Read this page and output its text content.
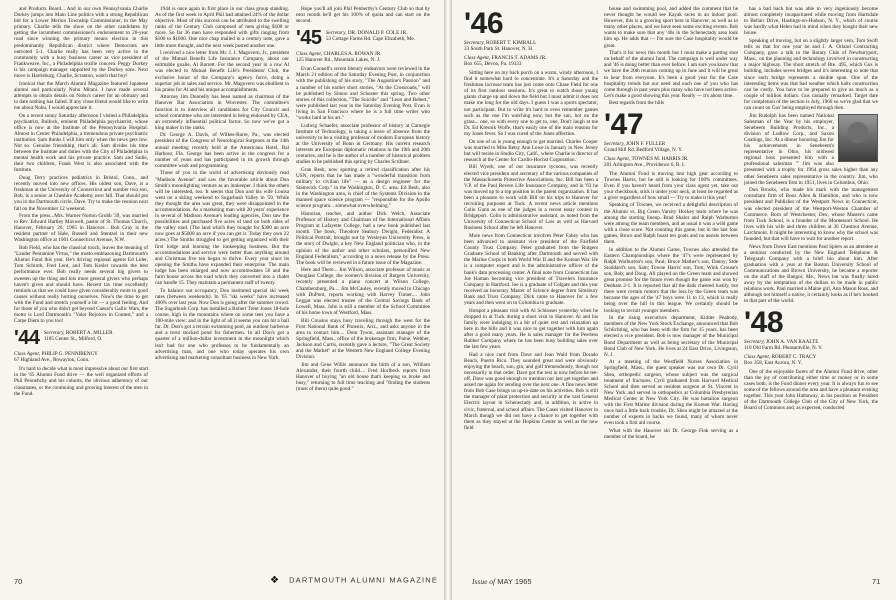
and Products Board... And in our own Pennsylvania Charlie Dorkey jumps into Main Line politics with a strong Republican bid for a Lower Merion Township Commissioner, in the May primary. Charlie tells the show on the other candidates by getting the incumbent commissioner's endorsement to 20-year road since winning the primary means election in this predominantly Republican district where Democrats are outvoted 5-1. Charlie really has been very active in the community with a busy business career as vice president of Frankweave, Inc., a Philadelphia textile concern. Peggy Dorkey is his campaign manager supported by the Dorkey sons. Next move is Harrisburg, Charlie, Scranton, watch that boy!

Ironical that the March Alumni Magazine featured Japanese alumni and particularly Nobu Mitani. I have made several attempts to obtain details on Nobu's career for an obituary and to date nothing has failed. If any close friend would like to write me about Nobu, I would appreciate it.

On a recent sunny Saturday afternoon I visited a Philadelphia psychiatrist, Bullock, eminent Philadelphia psychiatrist, whose office is now at the Institute of the Pennsylvania Hospital. Almost in Center Philadelphia, a tremendous private psychiatric institution. Sam thinks I will him only when the news gets low. Not so. Genuine friendship, that's all. Sam divides his time between the Institute and duties with the City of Philadelphia in mental health work and his private practice. Sam and Sadie, their two children, Frank West is also associated with the Institute.

Doug Terry practices pediatrics in Bristol, Conn., and recently moved into new offices. His oldest son, Dave, is a freshman at the University of Connecticut and number two son, Bob, is a senior at Cheshire Academy next fall. That should put you in the Dartmouth circle, Dave. Try to make the reunion next fall on the November 12 weekend.

From the press...Mrs. Warner Norton Grubb '39, was married to Rev. Edward Hartley Maxwell, pastor of St. Thomas Church, Hanover, February 20, 1965 in Hanover... Bob Gray is the resident partner of Hale, Russell and Stentzel in their new Washington office at 1001 Connecticut Avenue, N.W.

Bob Field, who has the classical touch, leaves the meaning of "Lauder Pentamine Virtus," the motto emblazoning Dartmouth's Alumni Fund this year. He's driving regional agents Ed Lider, Tom Schroth, Fred Lent, and Tom Kesler towards the best performance ever. Bob really needs several big givers to sweeten up the thing and lots more general givers who perhaps haven't given and should have. Recent tax time excellently reminds us that we could have given considerably more to good causes without really hurting ourselves. Now's the time to get with the Fund and stretch yourself a bit — a good feeling. And for those of you who didn't get beyond Caesar's Gallic Wars, the motto is Lord Dartmouth's "Valor Rejoices in Contest," and a Carpe Diem to you too!

'44 Secretary, ROBERT A. MILLER
1105 Center St., Milford, O.
Class Agent, PHILIP G. PENNIBENCY
67 Highland Ave., Rowayton, Conn.

It's hard to decide what is most impressive about our first start in the '65 Alumni Fund drive — the well organized efforts of Phil Pennebchy and his cohorts, the obvious adherency of our classmates, or the continuing and growing interest of the men in the Fund.

1944 is once again in first place in our class group standing. As of the first week in April Phil had attained 24% of the dollar objective. Most of this success can be attributed to the swelling ranks of the Century Club composed of men giving $100 or more. So far 36 men have responded with gifts ranging from $100 to $1000. One nice chap mailed in a century note, gave a little more thought, and the next week posted another one.

I received a nice letter from Mr. J. J. Magovern, Jr., president of the Mutual Benefit Life Insurance Company, about our estimable goalie, Al Barrett. For the second year in a row Al was elected to Mutual Benefit Life's Presidents' Club, the exclusive honor of the Company's agency force, doing a superior job in sales and service. Mr. Magovern was ebullient in his praise for Al and his unique accomplishments.

Attorney Jim Donnelly has been named as chairman of the Hanover Bar Association in Worcester. The committee's function is to interview all candidates for City Council and school committee who are interested in being endorsed by CEA, an extremely influential political factor. So now we've got a king maker in the ranks.

Dr. George A. Davis, of Wilkes-Barre, Pa., was elected president of the Congress of Neurological Surgeons at the 14th annual meeting recently held at the Americana Hotel, Bal Harbour, Fla. George has been active in the congress for a number of years and has participated in its growth through committee work and programming.

Those of you in the world of advertising obviously read "Madison Avenue" and saw the favorable article about Don Smith's moonlighting venture as an innkeeper. I think the others will be interested, too. It seems that Don and his wife Louisa went on a skiing weekend to Sugarbush Valley in '59. While they thought the area was great, they were disappointed in the accommodations. As a marketing man with 20 years' experience in several of Madison Avenue's leading agencies, Don saw the possibilities and purchased five acres of land on both sides of the valley road. (The land which they bought for $300 an acre now goes at $5000 an acre if you can get it. Today they own 22 acres.) The Smiths struggled to get getting organized with their first lodge and learning the innkeeping business. But the accommodations and service were better than anything around and Christmas five ten began to thrive. Every year since its opening the Smiths have expanded their enterprise. The main lodge has been enlarged and now accommodates 56 and the farm house across the road which they converted into a chalet can handle 15. They maintain a permanent staff of twenty.

To balance out occupancy, Don instituted special ski week rates (between weekends). In '65 "ski weeks" have increased 400% over last year. Now Don is going after the summer crowd. The Sugarbush Corp. has installed a Robert Trent Jones 18-hole course, high in the mountains where on some tees you have a 100-mile view; and in the light of all it seems you can hit a ball far. Dr. Don's got a terrain swimming pool, an outdoor barbecue and a trout stocked pond for fishermen. In all Don's got a quarter of a million-dollar investment in the moonlight which isn't bad for one who professes to be fundamentally an advertising man, and one who today operates his own advertising and marketing consultant business in New York.

Hope you'll all join Phil Penberthy's Century Club so that by next month he'll get his 100% of quota and can start on the second.

'45 Secretary, DR. DONALD P. COLE JR.
53 Cottage Farms Rd. Cape Elizabeth, Me.
Class Agent, CHARLES A. ROWAN JR.
125 Hanover Rd., Mountain Lakes, N. J.

Evan Connell's recent literary endeavors were reviewed in the March 21 edition of the Saturday Evening Post, in conjunction with the publishing of his story, "The Augustine's Passion" and a number of his earlier short stories, "At the Crossroads," will be published by Simon and Schuster this spring. Two other stories of this collection, "The Suicide" and "Leon and Bebert," were published last year in the Saturday Evening Post. Evan is living in San Francisco where he is a full time writer who "works hard at his art."

Ludwig Schaefer, associate professor of history at Carnegie Institute of Technology, is taking a leave of absence from the university to be a visiting professor of modern European history at the University of Bonn in Germany. His current research interests are European diplomatic relations in the 19th and 20th centuries, and he is the author of a number of historical problem studies to be published this spring by Charles Scribner.

Gran Besh, now sporting a retired classification after his USN, reports that he has made a "wonderful transition from military to civilian life" — as a design engineer for the Stamwick Corp." in the Washington, D. C. area. Ed Besh, also in the Washington area, is chief of the Systems Division in the manned space science program — "responsible for the Apollo science program... somewhat overwhelming."

Historian, teacher, and author Dick Welch, Associate Professor of History and Chairman of the International Affairs Program at Lafayette College, had a new book published last month. The book, Theodore Seabury Dwight, Federalist: A Political Portrait, brought out by Wesleyan University Press, is the story of Dwight, a key New England politician who, in the opinion of the author and other scholars, personified New England Federalism," according to a news release by the Press. The book will be reviewed in a future issue of the Magazine.

Here and There... Jim Wilson, associate professor of music at Douglass College, the women's division of Rutgers University, recently presented a piano concert at Wilson College, Chambersburg, Pa.... Jim McCauley, recently moved to Chicago with DuPont, reports working with Harvey Turner.... John Leggat was elected trustee of the Central Savings Bank of Lowell, Mass. John is still a member of the School Committee of his home town of Westford, Mass.

Bill Cousins stays busy traveling through the west for the First National Bank of Phoenix, Ariz., and asks anyone in the area to contact him.... Dom Tyson, assistant manager of the Springfield, Mass., office of the brokerage firm, Paine, Webber, Jackson and Curtis, recently gave a lecture, "The Great Society and the Market" at the Western New England College Evening Division.

Jim and Gene Willis announce the birth of a son, William Alexander, their fourth child.... Fred Horlbeck reports from Hanover of buying "an old house that's keeping us broke and busy," returning to full time teaching and "finding the students (most of them) quite good."

70	❖ DARTMOUTH ALUMNI MAGAZINE
'46 Secretary, ROBERT T. KIMBALL
33 South Park St. Hanover, N. H.
Class Agent, FRANCIS T. ADAMS JR.
Box 655, Devon, Pa. 19333

Sitting here on my back porch on a warm, windy afternoon, I find it somewhat hard to concentrate. It's a Saturday and the freshman lacrosse team has just come onto Chase Field for one of its first outdoor sessions. It's great to watch those young giants charge up and down the field but I must admit it does not make me long for the old days. I guess I was a sports spectator, not participant. But to write it's hard to even remember games such as the one I'm watching now, but the sun, hot on the grass... one, so with every one to get to, one, Don't laugh at me Dr. Ed Kresnik Wolfe, that's easily one of the main reasons for my Jones fever. So I was cured of the Jones affection.

On one of us is young enough to get married. Charles Cooper was married to Miss Betsy Ann Lowe in January in New Jersey but will reside in Studio City, Calif., where Charlie is director of research at the Center for Cardio-Hochst Corporation.

Bill Wyeth, one of our insurance tycoons, was recently elected vice president and secretary of the various companies of the Massachusetts Protective Associations, Inc. Bill has been a V.P. of the Paul Revere Life Insurance Company, and in '63 he was moved up to a top position in the parent organization. It has been a pleasure to work with Bill on his trips to Hanover for recruiting purposes at Tuck. A recent news article mentions Colin Gunn as one of the judges in a recent essay contest in Bridgeport. Colin is administrative assistant, as noted from the University of Connecticut School of Law as well as Harvard Business School after he left Hanover.

More news from Connecticut involves Peter Fahey who has been advanced to assistant vice president of the Fairfield County Trust Company. Peter graduated from the Rutgers Graduate School of Banking after Dartmouth and served with the Marine Corps in both World War II and the Korean War. He is a computer expert and is the administrative officer of the bank's data processing center. A final note from Connecticut has Joe Haman becoming vice president of Travelers Insurance Company in Hartford. Joe is a graduate of Colgate and this year received an honorary Master of Science degree from Simsbury Bank and Trust Company. Dick came to Hanover for a few years and then went on to Columbia to graduate.

Hotspot a pleasant visit with Al Schlosser yesterday when he dropped in at Tuck during a short visit to Hanover. Al and his family were indulging in a bit of quiet rest and relaxation up here in the hills and it was nice to get together with him again after a good many years. He is sales manager for the Peerless Rubber Company where he has been busy building sales over the last few years.

Had a nice card from Dave and Jean Wald from Dorado Beach, Puerto Rico. They sounded great and were obviously enjoying the beach, sun, gin, and golf tremendously, though not necessarily in that order. Dave got the rest in now before he tee-off, Dave was good enough to mention our last get together and asked me again for sending over the next one. A fine news letter from Bob Case brings us up-to-date on his activities. Bob is still the manager of plant protection and security at the vast General Electric layout in Schenectady and, in addition, is active in civic, fraternal, and school affairs. The Cases visited Hanover in March though we did not have a chance to get together with them as they stayed at the Hopkins Center as well as the new field

house and swimming pool, and added the comment that he never thought he would see Kayak races in an indoor pool. However, this is a growing sport here in Hanover, as well as in many other places, and we have seen some exciting events. Bob wants to make sure that any '46s in the Schenectady area look him up. He adds that — I'm sure the Case hospitality would be great.

That's it for news this month but I must make a parting shot on behalf of the alumni fund. The campaign is well under way and '46 is doing better than ever before. I am sure you know that we have the 20th reunion coming up in June and it will be great to hear from everyone. It's been a good year for the Case hospitality trends but our need and each one of you who has come through in past years plus many who have not been active. Let's make a good showing this year. Really — it's about time.

Best regards from the hills

'47 Secretary, JOHN F. FULLER
Grand Hill Rd. Bedford Village, N. Y.
Class Agent, TOWNES M. HARRIS JR.
201 Arlington Ave., Providence 6, R. I.

The Alumni Fund is moving into high gear according to Townes Harris, but he still is looking for 100% committees. Even if you haven't heard from your class agent yet, take out your checkbook, stick it under your neck, at least be regarded as a giver regardless of how small — Try to make it this year!

Speaking of Townes, we received a delightful description of the Alumni vs. Big Green Varsity Hockey team where he was among the starting lineup. Brad Shalor and Ralph Warburton were among the team members, and as usual it was a wild game with a close score. Not counting this game, but in the last four games, Bruce and Ralph boast ten goals and no assists between them.

In addition to the Alumni Game, Townes also attended the Eastern Championships where the '47's were represented by Ralph Warburton's son, Paul; Bruce Mather's son, Danny; Stde Stoddard's son, Sam; Towne Harris' son, Tom; Wink Crouse's son, Bob; and Doug. All played on the Green team and showed great promise for the future even though the game was won by Dedham 2-1. It is reported that all the dads cheered lustily, but there were certain rumors that the loss by the Green team was because the ages of the '47 boys were 11 to 13, which is really being over the hill in this league. We certainly should be looking to recruit younger members.

In the rising executives department, Kidder Peabody, members of the New York Stock Exchange, announced that Bob Schlichting, who has been with the firm for 15 years, has been elected a vice president. Bob is now manager of the Municipal Bond Department as well as being secretary of the Municipal Bond Club of New York. He lives at 24 East Drive, Livingston, N. J.

At a meeting of the Westfield Nurses Association in Springfield, Mass., the guest speaker was our own Dr. Cyril Shea, orthopedic surgeon, whose subject was the surgical treatment of fractures. Cyril graduated from Harvard Medical School and then served as resident surgeon at St. Vincent in New York and served in orthopedics at Columbia Presbyterian Medical Center in New York City. He was battalion surgeon with the First Marine division during the Korean War. Having once had a little back trouble, Dr. Shea might be amazed at the number of experts in backs we found, many of whom never even took a first aid course.

What with the Hanover ski Dr. George Fink serving as a member of the board, he

has a bad back but was able to very ingeniously become almost completely incapacitated while moving from Hartsdale to Bellair Drive, Hastings-on-Hudson, N. Y., which of course was hardly what Helen had in mind when they bought their new house.

Speaking of moving, but on a slightly larger vein, Tom Swift tells us that for one year he and J. A. Orland Contracting Company, gave a talk to the Rotary Club of Newburyport, Mass., on the planning and technology involved in constructing a major highway. The short stretch of Rte. 495, which Gus is building, includes seven bridges and it's interesting to note that since each bridge represents a double span. One of the interesting items was that bad weather which halts construction can be costly. You have to be prepared to give as much as a couple of million dollars. Gus casually remarked. Target date for completion of the section is July, 1966 so we're glad that we can count on Gus' being employed through then.

Jim Rudolph has been named National Salesman of the Year by his employer, Senebeem Building Products, Inc., a division of Ludlow Corp., and Saxon Coatings, Inc. At a dinner honoring Jim for his achievements in Senebeem's representative in Ohio, his midwest regional boss presented him with a professional salesman ''' Jim was also presented with a trophy for 1964 gross sales higher than any other Senebeem sales representative in the country. Jim, who joined the Senebeem firm in 1951, lives in Columbus, Ohio.

Don Brooks, who made his mark with the management consultant firm of Booz Allen & Hamilton, and who is now president and Publisher of the Westport News in Connecticut, was elected president of the Westport-Weston Chamber of Commerce. Born of Westchester, Dex, whose Master's came from Tuck School, is a founder of the Montessori School. He lives with his wife and three children at 36 Chestnut Avenue, Larchmont. It might be interesting to know why the school was founded, but that will have to wait for another report.

News from Down East mentions Paul Spiers as an attendee at a seminar conducted by the New England Telephone & Telegraph Company with a brief bio about him. After graduation with a year at the Boston University School of Communications and Brown University, he became a reporter on the staff of the Bangor, Me., News but was finally lured away by the temptation of the dollars to be made in public relations work. Paul married a Maine girl, Ann Mason Ross, and although not himself a native, it certainly looks as if he's hooked to that part of the world.

'48 Secretary, JOHN A. VAN RAALTE
110 Old Farm Rd. Pleasantville, N. Y.
Class Agent, ROBERT C. TRACY
Box 358, East Aurora, N. Y.

One of the enjoyable facets of the Alumni Fund drive, other than the joy of contributing either time or money or in some cases both, is the Fund dinner every year. It is always fun to see some of the fellows around the area and have a pleasant evening together. This year John Hathaway, in his position as President of the Dartmouth College Club of the City of New York, the Board of Commons and, as expected, conducted

Issue of MAY 1965	71
